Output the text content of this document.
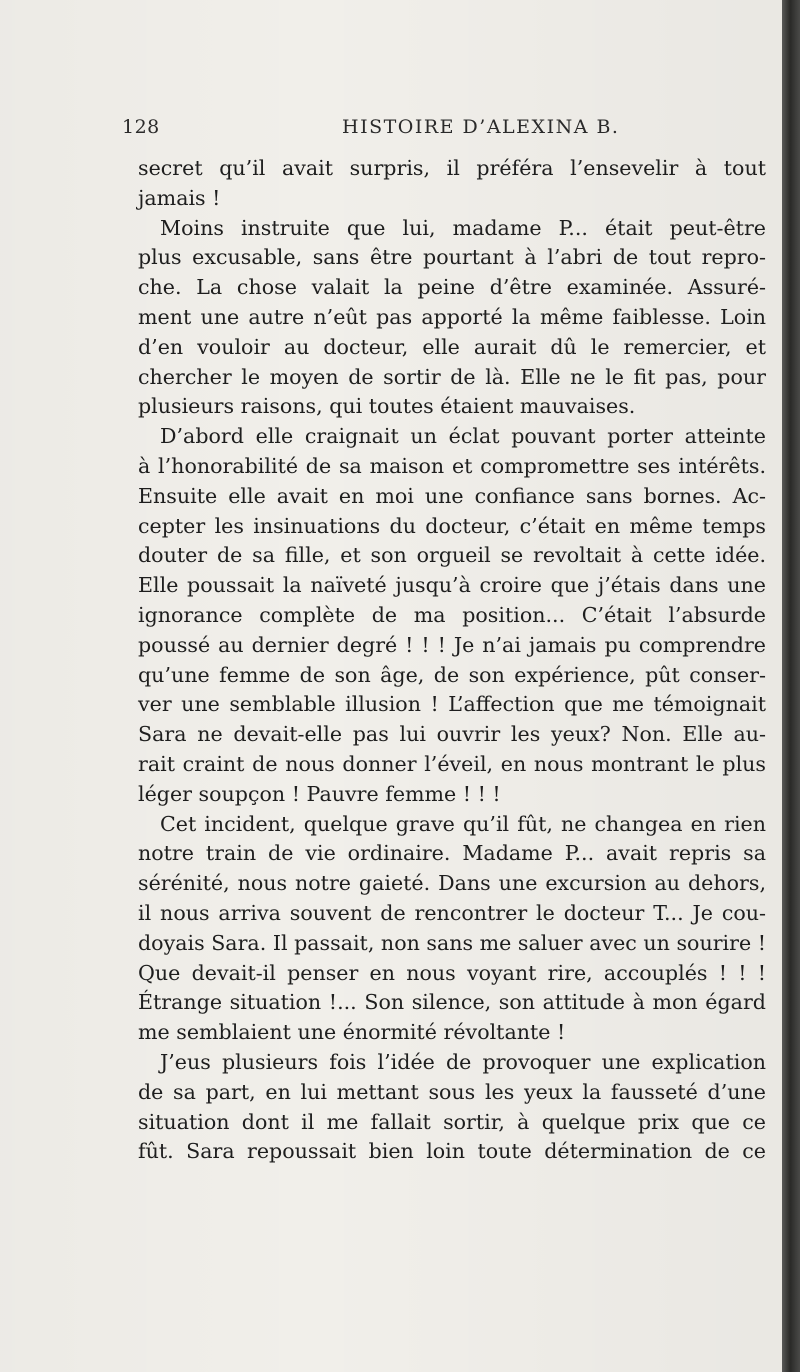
128	HISTOIRE D’ALEXINA B.
secret qu’il avait surpris, il préféra l’ensevelir à tout
jamais !
Moins instruite que lui, madame P... était peut-être
plus excusable, sans être pourtant à l’abri de tout repro-
che. La chose valait la peine d’être examinée. Assuré-
ment une autre n’eût pas apporté la même faiblesse. Loin
d’en vouloir au docteur, elle aurait dû le remercier, et
chercher le moyen de sortir de là. Elle ne le fit pas, pour
plusieurs raisons, qui toutes étaient mauvaises.
D’abord elle craignait un éclat pouvant porter atteinte
à l’honorabilité de sa maison et compromettre ses intérêts.
Ensuite elle avait en moi une confiance sans bornes. Ac-
cepter les insinuations du docteur, c’était en même temps
douter de sa fille, et son orgueil se revoltait à cette idée.
Elle poussait la naïveté jusqu’à croire que j’étais dans une
ignorance complète de ma position... C’était l’absurde
poussé au dernier degré ! ! ! Je n’ai jamais pu comprendre
qu’une femme de son âge, de son expérience, pût conser-
ver une semblable illusion ! L’affection que me témoignait
Sara ne devait-elle pas lui ouvrir les yeux? Non. Elle au-
rait craint de nous donner l’éveil, en nous montrant le plus
léger soupçon ! Pauvre femme ! ! !
Cet incident, quelque grave qu’il fût, ne changea en rien
notre train de vie ordinaire. Madame P... avait repris sa
sérénité, nous notre gaieté. Dans une excursion au dehors,
il nous arriva souvent de rencontrer le docteur T... Je cou-
doyais Sara. Il passait, non sans me saluer avec un sourire !
Que devait-il penser en nous voyant rire, accouplés ! ! !
Étrange situation !... Son silence, son attitude à mon égard
me semblaient une énormité révoltante !
J’eus plusieurs fois l’idée de provoquer une explication
de sa part, en lui mettant sous les yeux la fausseté d’une
situation dont il me fallait sortir, à quelque prix que ce
fût. Sara repoussait bien loin toute détermination de ce
